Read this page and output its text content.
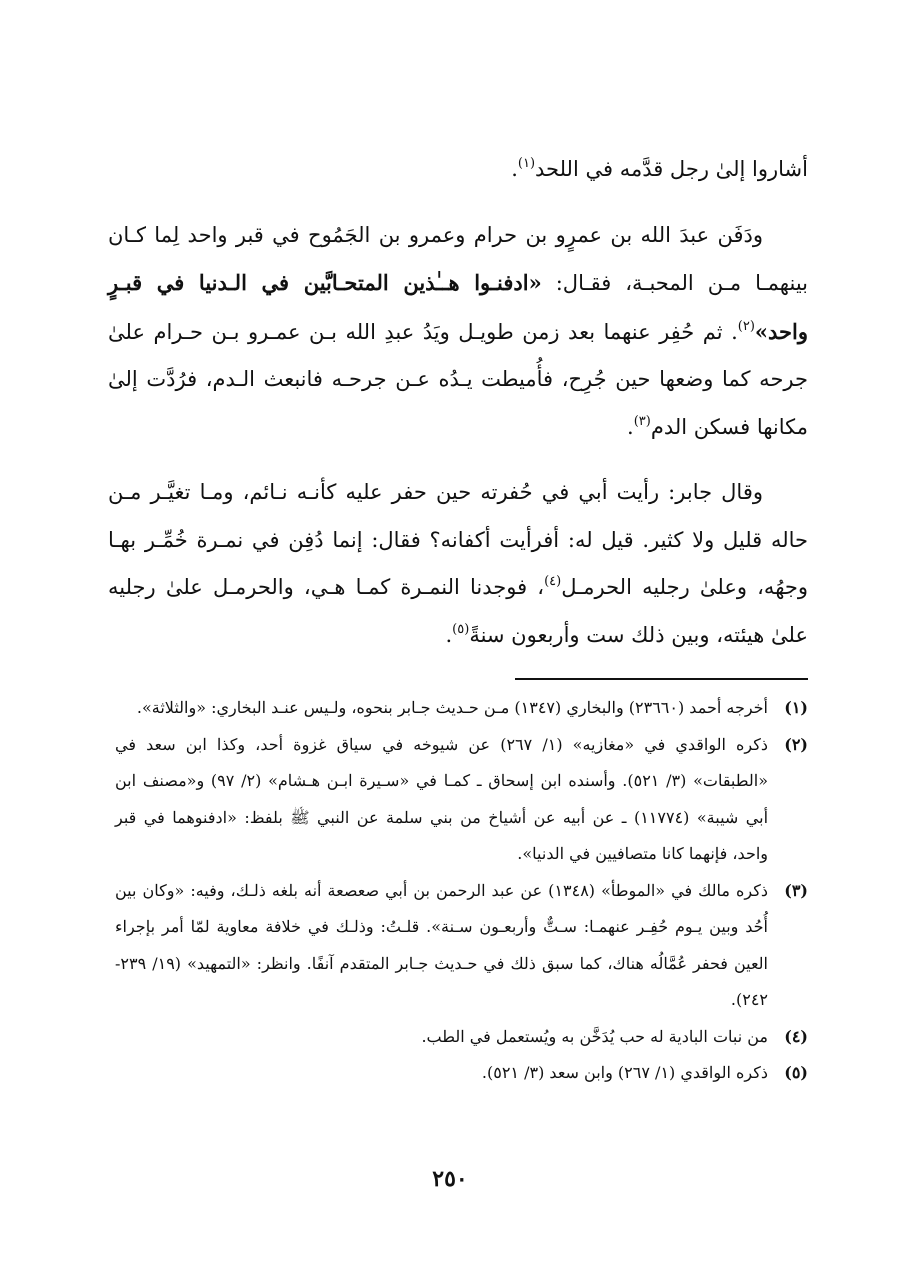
أشاروا إلىٰ رجل قدَّمه في اللحد$^{(١)}$.

ودَفَن عبدَ الله بن عمرٍو بن حرام وعمرو بن الجَمُوح في قبر واحد لِما كـان بينهمـا مـن المحبـة، فقـال: «ادفنـوا هــٰذين المتحـابَّين في الـدنيا في قبـرٍ واحد»$^{(٢)}$. ثم حُفِر عنهما بعد زمن طويـل ويَدُ عبدِ الله بـن عمـرو بـن حـرام علىٰ جرحه كما وضعها حين جُرِح، فأُميطت يـدُه عـن جرحـه فانبعث الـدم، فرُدَّت إلىٰ مكانها فسكن الدم$^{(٣)}$.

وقال جابر: رأيت أبي في حُفرته حين حفر عليه كأنـه نـائم، ومـا تغيَّـر مـن حاله قليل ولا كثير. قيل له: أفرأيت أكفانه؟ فقال: إنما دُفِن في نمـرة خُمِّـر بهـا وجهُه، وعلىٰ رجليه الحرمـل$^{(٤)}$، فوجدنا النمـرة كمـا هـي، والحرمـل علىٰ رجليه علىٰ هيئته، وبين ذلك ست وأربعون سنةً$^{(٥)}$.

(١)
أخرجه أحمد (٢٣٦٦٠) والبخاري (١٣٤٧) مـن حـديث جـابر بنحوه، ولـيس عنـد البخاري: «والثلاثة».
(٢)
ذكره الواقدي في «مغازيه» (١/ ٢٦٧) عن شيوخه في سياق غزوة أحد، وكذا ابن سعد في «الطبقات» (٣/ ٥٢١). وأسنده ابن إسحاق ـ كمـا في «سـيرة ابـن هـشام» (٢/ ٩٧) و«مصنف ابن أبي شيبة» (١١٧٧٤) ـ عن أبيه عن أشياخ من بني سلمة عن النبي ﷺ بلفظ: «ادفنوهما في قبر واحد، فإنهما كانا متصافيين في الدنيا».
(٣)
ذكره مالك في «الموطأ» (١٣٤٨) عن عبد الرحمن بن أبي صعصعة أنه بلغه ذلـك، وفيه: «وكان بين أُحُد وبين يـوم حُفِـر عنهمـا: سـتٌّ وأربعـون سـنة». قلـتُ: وذلـك في خلافة معاوية لمّا أمر بإجراء العين فحفر عُمَّالُه هناك، كما سبق ذلك في حـديث جـابر المتقدم آنفًا. وانظر: «التمهيد» (١٩/ ٢٣٩- ٢٤٢).
(٤)
من نبات البادية له حب يُدَخَّن به ويُستعمل في الطب.
(٥)
ذكره الواقدي (١/ ٢٦٧) وابن سعد (٣/ ٥٢١).
٢٥٠
